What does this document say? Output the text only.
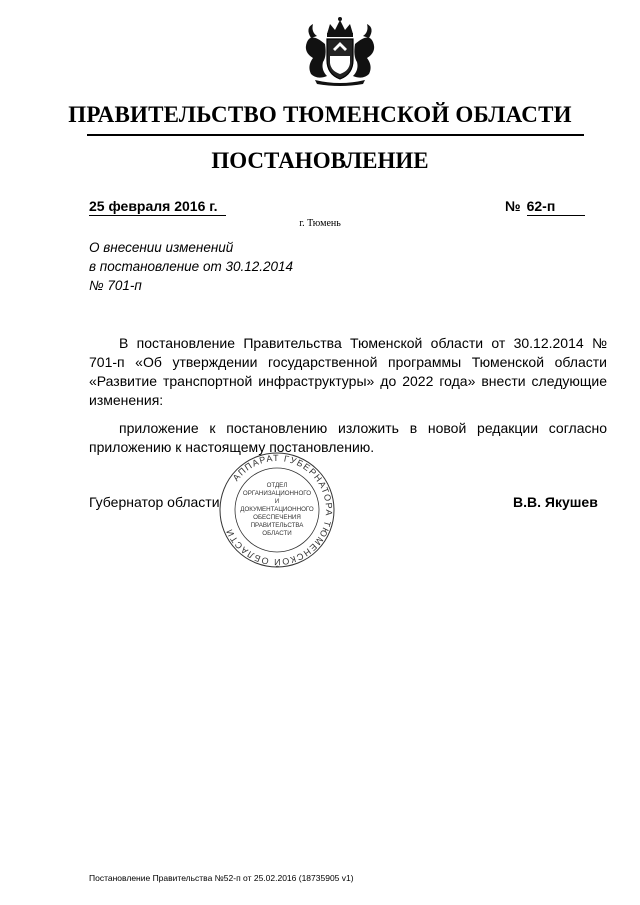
ПРАВИТЕЛЬСТВО ТЮМЕНСКОЙ ОБЛАСТИ
ПОСТАНОВЛЕНИЕ
25 февраля 2016 г.	№ 62-п
г. Тюмень
О внесении изменений
в постановление от 30.12.2014
№ 701-п

В постановление Правительства Тюменской области от 30.12.2014 № 701-п «Об утверждении государственной программы Тюменской области «Развитие транспортной инфраструктуры» до 2022 года» внести следующие изменения:

приложение к постановлению изложить в новой редакции согласно приложению к настоящему постановлению.

Губернатор области	В.В. Якушев
АППАРАТ ГУБЕРНАТОРА ТЮМЕНСКОЙ ОБЛАСТИ
ОТДЕЛ
ОРГАНИЗАЦИОННОГО
И
ДОКУМЕНТАЦИОННОГО
ОБЕСПЕЧЕНИЯ
ПРАВИТЕЛЬСТВА
ОБЛАСТИ
Постановление Правительства №52-п от 25.02.2016 (18735905 v1)
